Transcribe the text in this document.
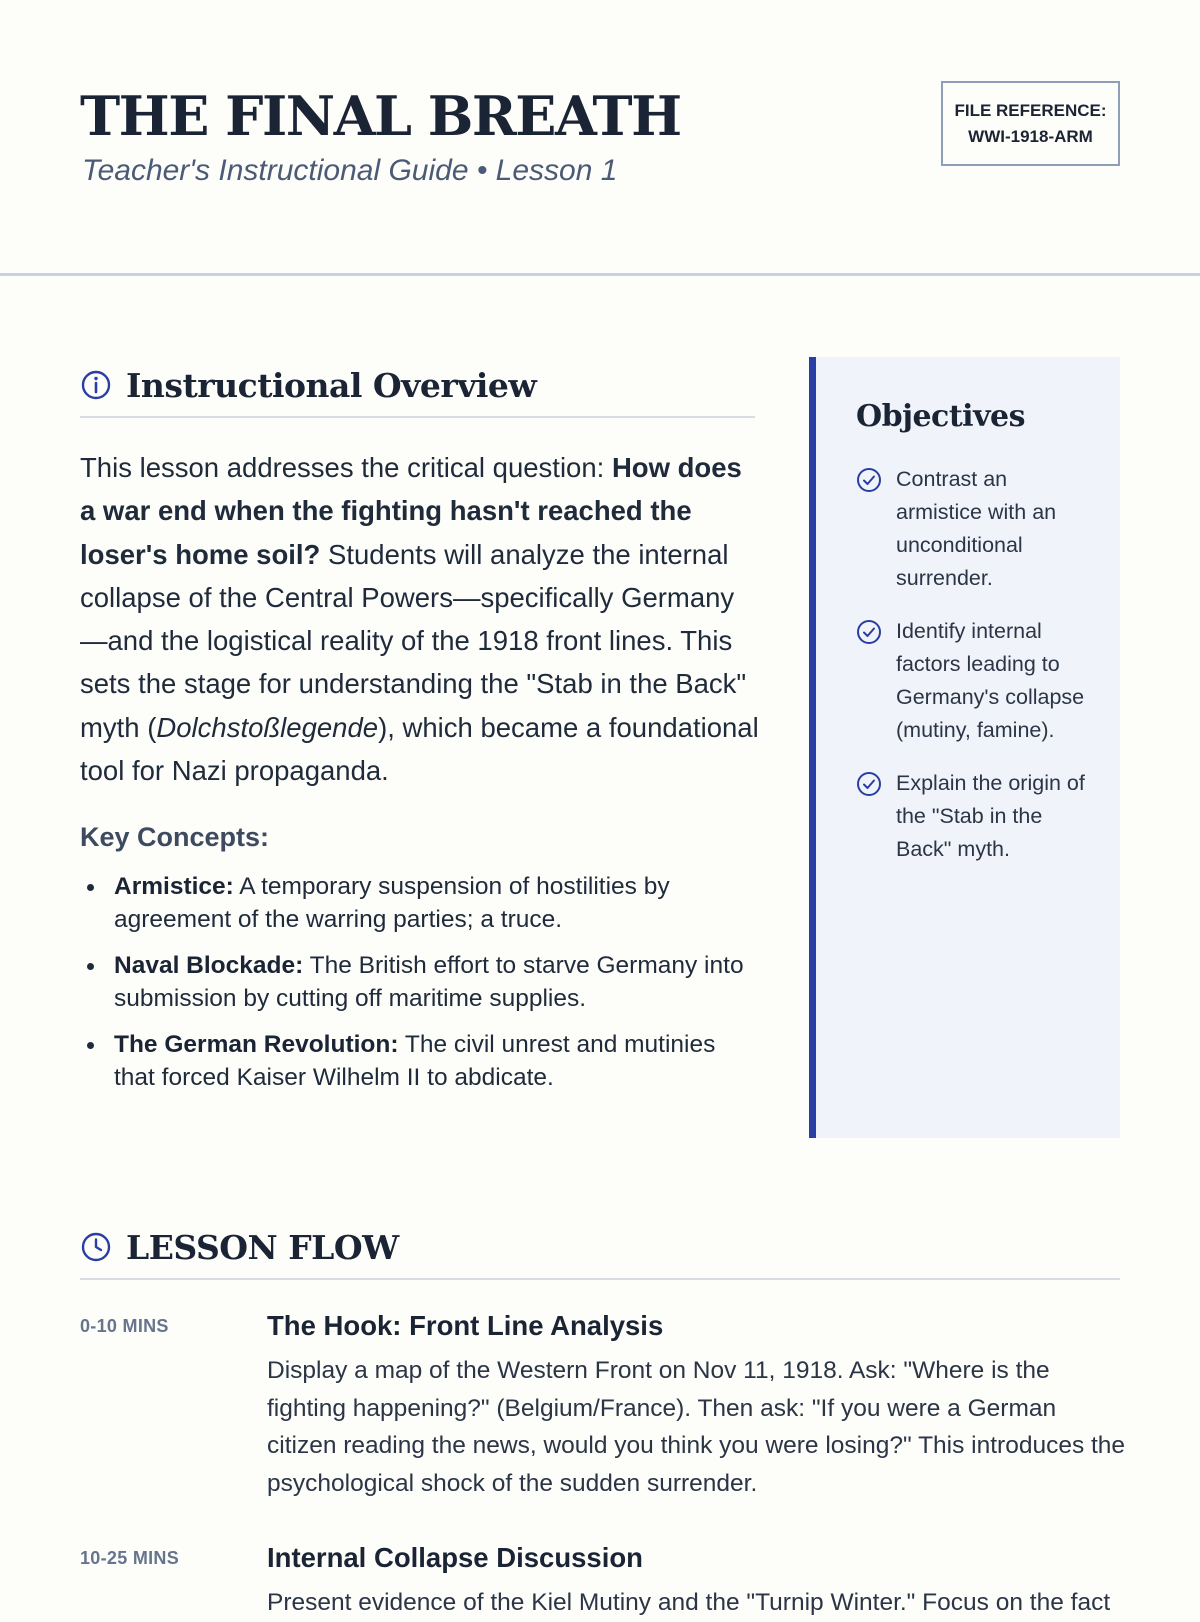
THE FINAL BREATH
Teacher's Instructional Guide • Lesson 1
FILE REFERENCE:
WWI-1918-ARM
Instructional Overview

This lesson addresses the critical question: How does a war end when the fighting hasn't reached the loser's home soil? Students will analyze the internal collapse of the Central Powers—specifically Germany—and the logistical reality of the 1918 front lines. This sets the stage for understanding the "Stab in the Back" myth (Dolchstoßlegende), which became a foundational tool for Nazi propaganda.

Key Concepts:
Armistice: A temporary suspension of hostilities by agreement of the warring parties; a truce.
Naval Blockade: The British effort to starve Germany into submission by cutting off maritime supplies.
The German Revolution: The civil unrest and mutinies that forced Kaiser Wilhelm II to abdicate.
Objectives
Contrast an armistice with an unconditional surrender.
Identify internal factors leading to Germany's collapse (mutiny, famine).
Explain the origin of the "Stab in the Back" myth.
LESSON FLOW
0-10 MINS	The Hook: Front Line Analysis
Display a map of the Western Front on Nov 11, 1918. Ask: "Where is the fighting happening?" (Belgium/France). Then ask: "If you were a German citizen reading the news, would you think you were losing?" This introduces the psychological shock of the sudden surrender.
10-25 MINS	Internal Collapse Discussion
Present evidence of the Kiel Mutiny and the "Turnip Winter." Focus on the fact
